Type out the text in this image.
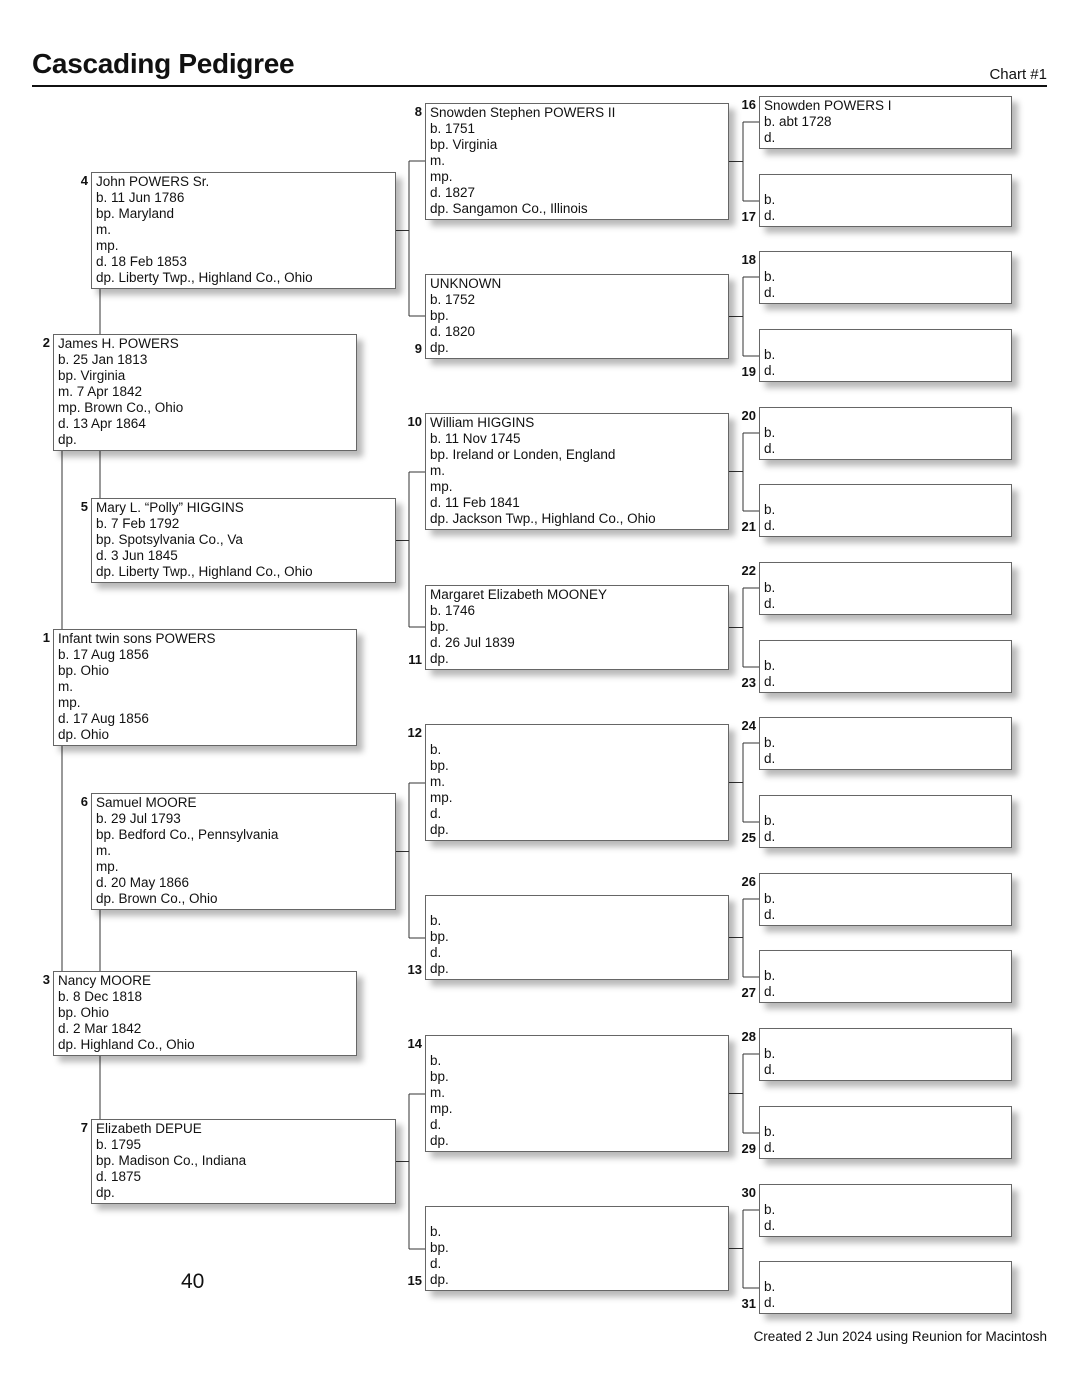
Cascading Pedigree	Chart #1
Infant twin sons POWERS
b. 17 Aug 1856
bp. Ohio
m.
mp.
d. 17 Aug 1856
dp. Ohio
1
James H. POWERS
b. 25 Jan 1813
bp. Virginia
m. 7 Apr 1842
mp. Brown Co., Ohio
d. 13 Apr 1864
dp.
2
Nancy MOORE
b. 8 Dec 1818
bp. Ohio
d. 2 Mar 1842
dp. Highland Co., Ohio
3
John POWERS Sr.
b. 11 Jun 1786
bp. Maryland
m.
mp.
d. 18 Feb 1853
dp. Liberty Twp., Highland Co., Ohio
4
Mary L. “Polly” HIGGINS
b. 7 Feb 1792
bp. Spotsylvania Co., Va
d. 3 Jun 1845
dp. Liberty Twp., Highland Co., Ohio
5
Samuel MOORE
b. 29 Jul 1793
bp. Bedford Co., Pennsylvania
m.
mp.
d. 20 May 1866
dp. Brown Co., Ohio
6
Elizabeth DEPUE
b. 1795
bp. Madison Co., Indiana
d. 1875
dp.
7
Snowden Stephen POWERS II
b. 1751
bp. Virginia
m.
mp.
d. 1827
dp. Sangamon Co., Illinois
8
UNKNOWN
b. 1752
bp.
d. 1820
dp.
9
William HIGGINS
b. 11 Nov 1745
bp. Ireland or Londen, England
m.
mp.
d. 11 Feb 1841
dp. Jackson Twp., Highland Co., Ohio
10
Margaret Elizabeth MOONEY
b. 1746
bp.
d. 26 Jul 1839
dp.
11

b.
bp.
m.
mp.
d.
dp.
12

b.
bp.
d.
dp.
13

b.
bp.
m.
mp.
d.
dp.
14

b.
bp.
d.
dp.
15
Snowden POWERS I
b. abt 1728
d.
16

b.
d.
17

b.
d.
18

b.
d.
19

b.
d.
20

b.
d.
21

b.
d.
22

b.
d.
23

b.
d.
24

b.
d.
25

b.
d.
26

b.
d.
27

b.
d.
28

b.
d.
29

b.
d.
30

b.
d.
31
40
Created 2 Jun 2024 using Reunion for Macintosh
